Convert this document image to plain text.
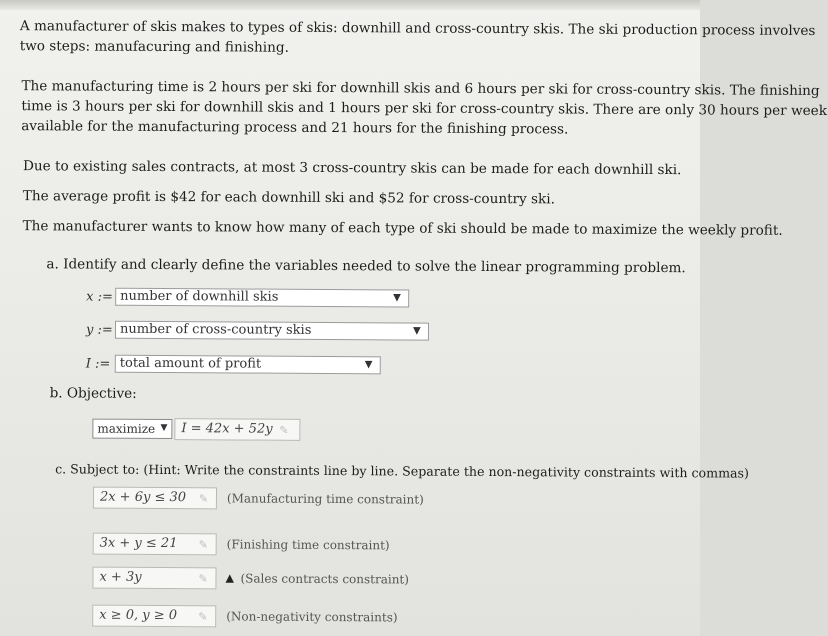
A manufacturer of skis makes to types of skis: downhill and cross-country skis. The ski production process involves

two steps: manufacuring and finishing.

The manufacturing time is 2 hours per ski for downhill skis and 6 hours per ski for cross-country skis. The finishing

time is 3 hours per ski for downhill skis and 1 hours per ski for cross-country skis. There are only 30 hours per week

available for the manufacturing process and 21 hours for the finishing process.

Due to existing sales contracts, at most 3 cross-country skis can be made for each downhill ski.

The average profit is $42 for each downhill ski and $52 for cross-country ski.

The manufacturer wants to know how many of each type of ski should be made to maximize the weekly profit.

a. Identify and clearly define the variables needed to solve the linear programming problem.

x := number of downhill skis	▼
y := number of cross-country skis	▼
I := total amount of profit	▼

b. Objective:

maximize ▼	I = 42x + 52y ✎

c. Subject to: (Hint: Write the constraints line by line. Separate the non-negativity constraints with commas)

2x + 6y ≤ 30	✎ (Manufacturing time constraint)
3x + y ≤ 21	✎ (Finishing time constraint)
x + 3y	✎ ▲ (Sales contracts constraint)
x ≥ 0, y ≥ 0	✎ (Non-negativity constraints)
